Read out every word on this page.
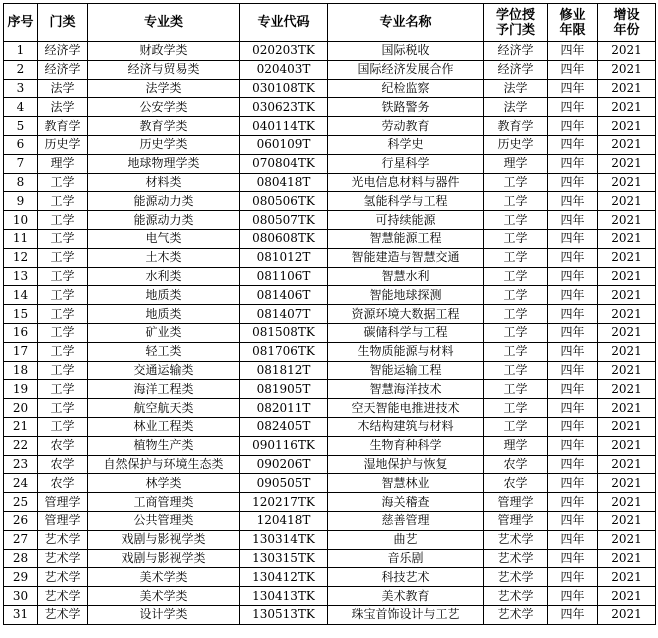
序号	门类	专业类	专业代码	专业名称	学位授予门类	修业年限	增设年份
1	经济学	财政学类	020203TK	国际税收	经济学	四年	2021
2	经济学	经济与贸易类	020403T	国际经济发展合作	经济学	四年	2021
3	法学	法学类	030108TK	纪检监察	法学	四年	2021
4	法学	公安学类	030623TK	铁路警务	法学	四年	2021
5	教育学	教育学类	040114TK	劳动教育	教育学	四年	2021
6	历史学	历史学类	060109T	科学史	历史学	四年	2021
7	理学	地球物理学类	070804TK	行星科学	理学	四年	2021
8	工学	材料类	080418T	光电信息材料与器件	工学	四年	2021
9	工学	能源动力类	080506TK	氢能科学与工程	工学	四年	2021
10	工学	能源动力类	080507TK	可持续能源	工学	四年	2021
11	工学	电气类	080608TK	智慧能源工程	工学	四年	2021
12	工学	土木类	081012T	智能建造与智慧交通	工学	四年	2021
13	工学	水利类	081106T	智慧水利	工学	四年	2021
14	工学	地质类	081406T	智能地球探测	工学	四年	2021
15	工学	地质类	081407T	资源环境大数据工程	工学	四年	2021
16	工学	矿业类	081508TK	碳储科学与工程	工学	四年	2021
17	工学	轻工类	081706TK	生物质能源与材料	工学	四年	2021
18	工学	交通运输类	081812T	智能运输工程	工学	四年	2021
19	工学	海洋工程类	081905T	智慧海洋技术	工学	四年	2021
20	工学	航空航天类	082011T	空天智能电推进技术	工学	四年	2021
21	工学	林业工程类	082405T	木结构建筑与材料	工学	四年	2021
22	农学	植物生产类	090116TK	生物育种科学	理学	四年	2021
23	农学	自然保护与环境生态类	090206T	湿地保护与恢复	农学	四年	2021
24	农学	林学类	090505T	智慧林业	农学	四年	2021
25	管理学	工商管理类	120217TK	海关稽查	管理学	四年	2021
26	管理学	公共管理类	120418T	慈善管理	管理学	四年	2021
27	艺术学	戏剧与影视学类	130314TK	曲艺	艺术学	四年	2021
28	艺术学	戏剧与影视学类	130315TK	音乐剧	艺术学	四年	2021
29	艺术学	美术学类	130412TK	科技艺术	艺术学	四年	2021
30	艺术学	美术学类	130413TK	美术教育	艺术学	四年	2021
31	艺术学	设计学类	130513TK	珠宝首饰设计与工艺	艺术学	四年	2021
